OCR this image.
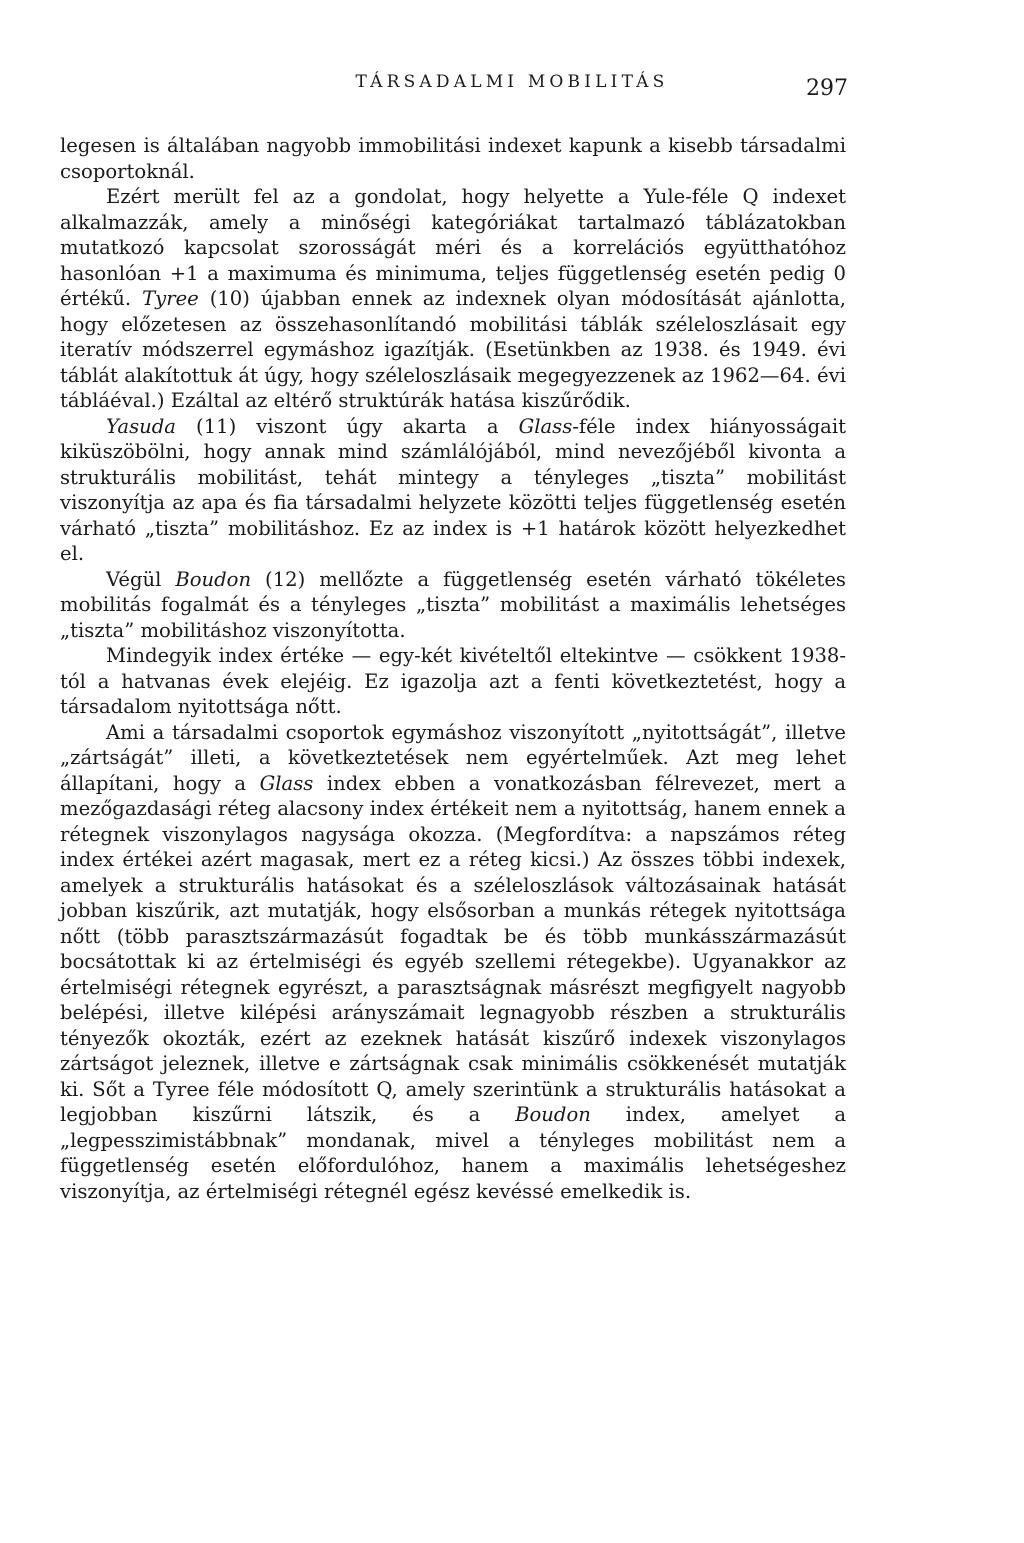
TÁRSADALMI MOBILITÁS	297

legesen is általában nagyobb immobilitási indexet kapunk a kisebb társadalmi csoportoknál.

Ezért merült fel az a gondolat, hogy helyette a Yule-féle Q indexet alkalmazzák, amely a minőségi kategóriákat tartalmazó táblázatokban mutatkozó kapcsolat szorosságát méri és a korrelációs együtthatóhoz hasonlóan +1 a maximuma és minimuma, teljes függetlenség esetén pedig 0 értékű. Tyree (10) újabban ennek az indexnek olyan módosítását ajánlotta, hogy előzetesen az összehasonlítandó mobilitási táblák széleloszlásait egy iteratív módszerrel egymáshoz igazítják. (Esetünkben az 1938. és 1949. évi táblát alakítottuk át úgy, hogy széleloszlásaik megegyezzenek az 1962—64. évi tábláéval.) Ezáltal az eltérő struktúrák hatása kiszűrődik.

Yasuda (11) viszont úgy akarta a Glass-féle index hiányosságait kiküszöbölni, hogy annak mind számlálójából, mind nevezőjéből kivonta a strukturális mobilitást, tehát mintegy a tényleges „tiszta” mobilitást viszonyítja az apa és fia társadalmi helyzete közötti teljes függetlenség esetén várható „tiszta” mobilitáshoz. Ez az index is +1 határok között helyezkedhet el.

Végül Boudon (12) mellőzte a függetlenség esetén várható tökéletes mobilitás fogalmát és a tényleges „tiszta” mobilitást a maximális lehetséges „tiszta” mobilitáshoz viszonyította.

Mindegyik index értéke — egy-két kivételtől eltekintve — csökkent 1938-tól a hatvanas évek elejéig. Ez igazolja azt a fenti következtetést, hogy a társadalom nyitottsága nőtt.

Ami a társadalmi csoportok egymáshoz viszonyított „nyitottságát”, illetve „zártságát” illeti, a következtetések nem egyértelműek. Azt meg lehet állapítani, hogy a Glass index ebben a vonatkozásban félrevezet, mert a mezőgazdasági réteg alacsony index értékeit nem a nyitottság, hanem ennek a rétegnek viszonylagos nagysága okozza. (Megfordítva: a napszámos réteg index értékei azért magasak, mert ez a réteg kicsi.) Az összes többi indexek, amelyek a strukturális hatásokat és a széleloszlások változásainak hatását jobban kiszűrik, azt mutatják, hogy elsősorban a munkás rétegek nyitottsága nőtt (több parasztszármazásút fogadtak be és több munkásszármazásút bocsátottak ki az értelmiségi és egyéb szellemi rétegekbe). Ugyanakkor az értelmiségi rétegnek egyrészt, a parasztságnak másrészt megfigyelt nagyobb belépési, illetve kilépési arányszámait legnagyobb részben a strukturális tényezők okozták, ezért az ezeknek hatását kiszűrő indexek viszonylagos zártságot jeleznek, illetve e zártságnak csak minimális csökkenését mutatják ki. Sőt a Tyree féle módosított Q, amely szerintünk a strukturális hatásokat a legjobban kiszűrni látszik, és a Boudon index, amelyet a „legpesszimistábbnak” mondanak, mivel a tényleges mobilitást nem a függetlenség esetén előfordulóhoz, hanem a maximális lehetségeshez viszonyítja, az értelmiségi rétegnél egész kevéssé emelkedik is.
